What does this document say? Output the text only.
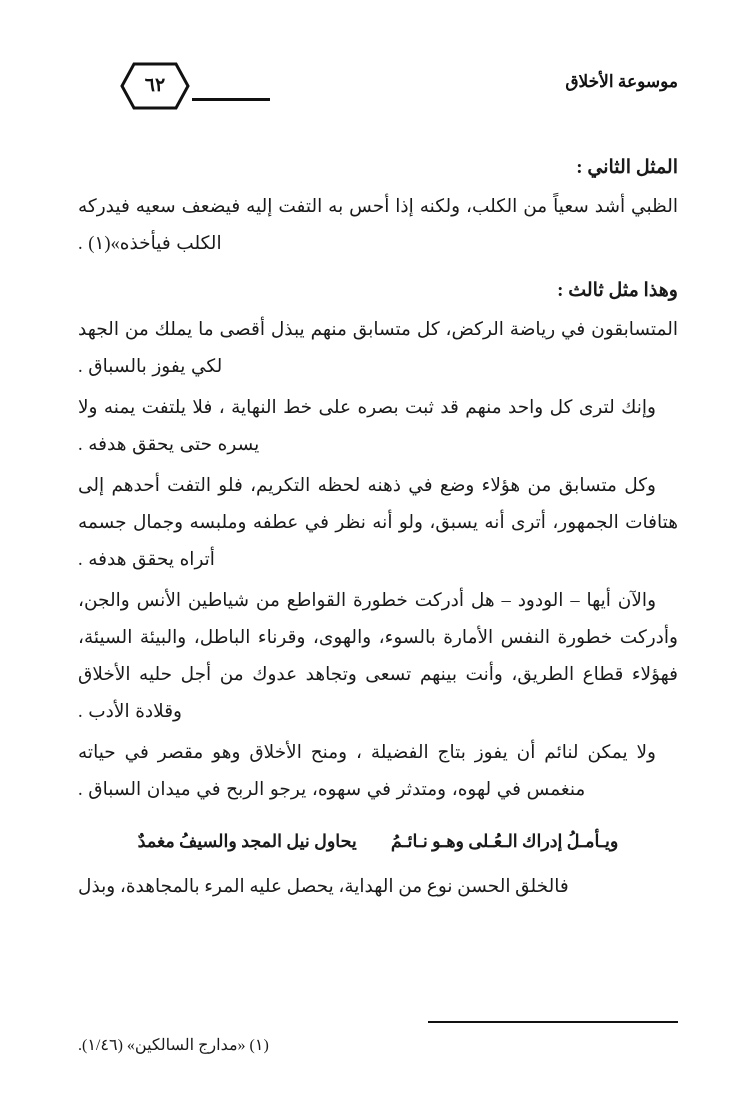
موسوعة الأخلاق
٦٢
المثل الثاني :

الظبي أشد سعياً من الكلب، ولكنه إذا أحس به التفت إليه فيضعف سعيه فيدركه الكلب فيأخذه»(١) .

وهذا مثل ثالث :

المتسابقون في رياضة الركض، كل متسابق منهم يبذل أقصى ما يملك من الجهد لكي يفوز بالسباق .

وإنك لترى كل واحد منهم قد ثبت بصره على خط النهاية ، فلا يلتفت يمنه ولا يسره حتى يحقق هدفه .

وكل متسابق من هؤلاء وضع في ذهنه لحظه التكريم، فلو التفت أحدهم إلى هتافات الجمهور، أترى أنه يسبق، ولو أنه نظر في عطفه وملبسه وجمال جسمه أتراه يحقق هدفه .

والآن أيها – الودود – هل أدركت خطورة القواطع من شياطين الأنس والجن، وأدركت خطورة النفس الأمارة بالسوء، والهوى، وقرناء الباطل، والبيئة السيئة، فهؤلاء قطاع الطريق، وأنت بينهم تسعى وتجاهد عدوك من أجل حليه الأخلاق وقلادة الأدب .

ولا يمكن لنائم أن يفوز بتاج الفضيلة ، ومنح الأخلاق وهو مقصر في حياته منغمس في لهوه، ومتدثر في سهوه، يرجو الربح في ميدان السباق .

يحاول نيل المجد والسيفُ مغمدٌ ويـأمـلُ إدراك الـعُـلى وهـو نـائـمُ

فالخلق الحسن نوع من الهداية، يحصل عليه المرء بالمجاهدة، وبذل

(١) «مدارج السالكين» (١/٤٦).
